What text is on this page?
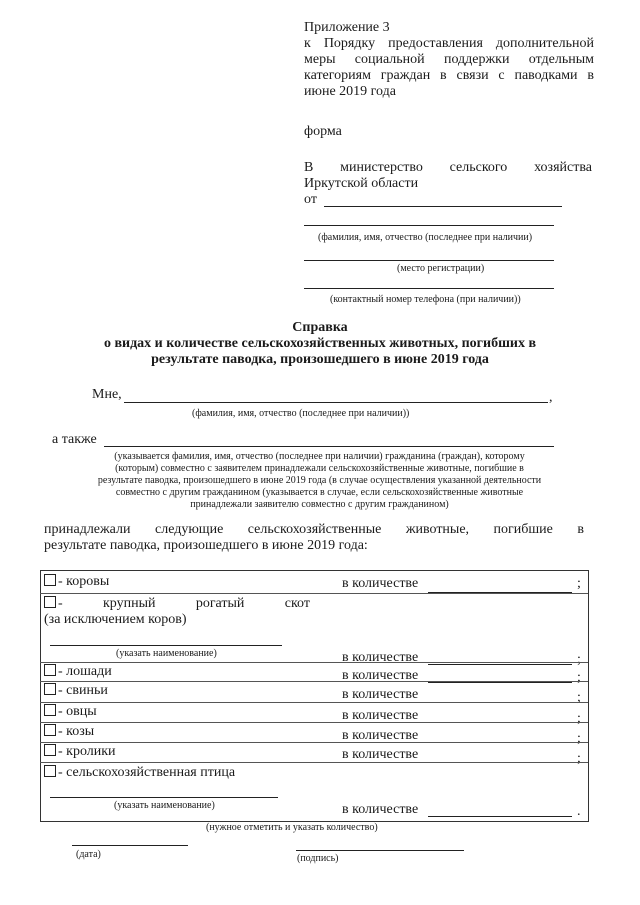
Приложение 3
к Порядку предоставления дополнительной
меры социальной поддержки отдельным
категориям граждан в связи с паводками в
июне 2019 года
форма
В министерство сельского хозяйства
Иркутской области
от
(фамилия, имя, отчество (последнее при наличии)
(место регистрации)
(контактный номер телефона (при наличии))
Справка
о видах и количестве сельскохозяйственных животных, погибших в
результате паводка, произошедшего в июне 2019 года
Мне,	,
(фамилия, имя, отчество (последнее при наличии))
а также
(указывается фамилия, имя, отчество (последнее при наличии) гражданина (граждан), которому
(которым) совместно с заявителем принадлежали сельскохозяйственные животные, погибшие в
результате паводка, произошедшего в июне 2019 года (в случае осуществления указанной деятельности
совместно с другим гражданином (указывается в случае, если сельскохозяйственные животные
принадлежали заявителю совместно с другим гражданином)
принадлежали следующие сельскохозяйственные животные, погибшие в
результате паводка, произошедшего в июне 2019 года:
- коровы	в количестве	;
- крупный рогатый скот
(за исключением коров)
(указать наименование)	в количестве	;
- лошади	в количестве	;
- свиньи	в количестве	;
- овцы	в количестве	;
- козы	в количестве	;
- кролики	в количестве	;
- сельскохозяйственная птица
(указать наименование)	в количестве	.
(нужное отметить и указать количество)
(дата)	(подпись)
